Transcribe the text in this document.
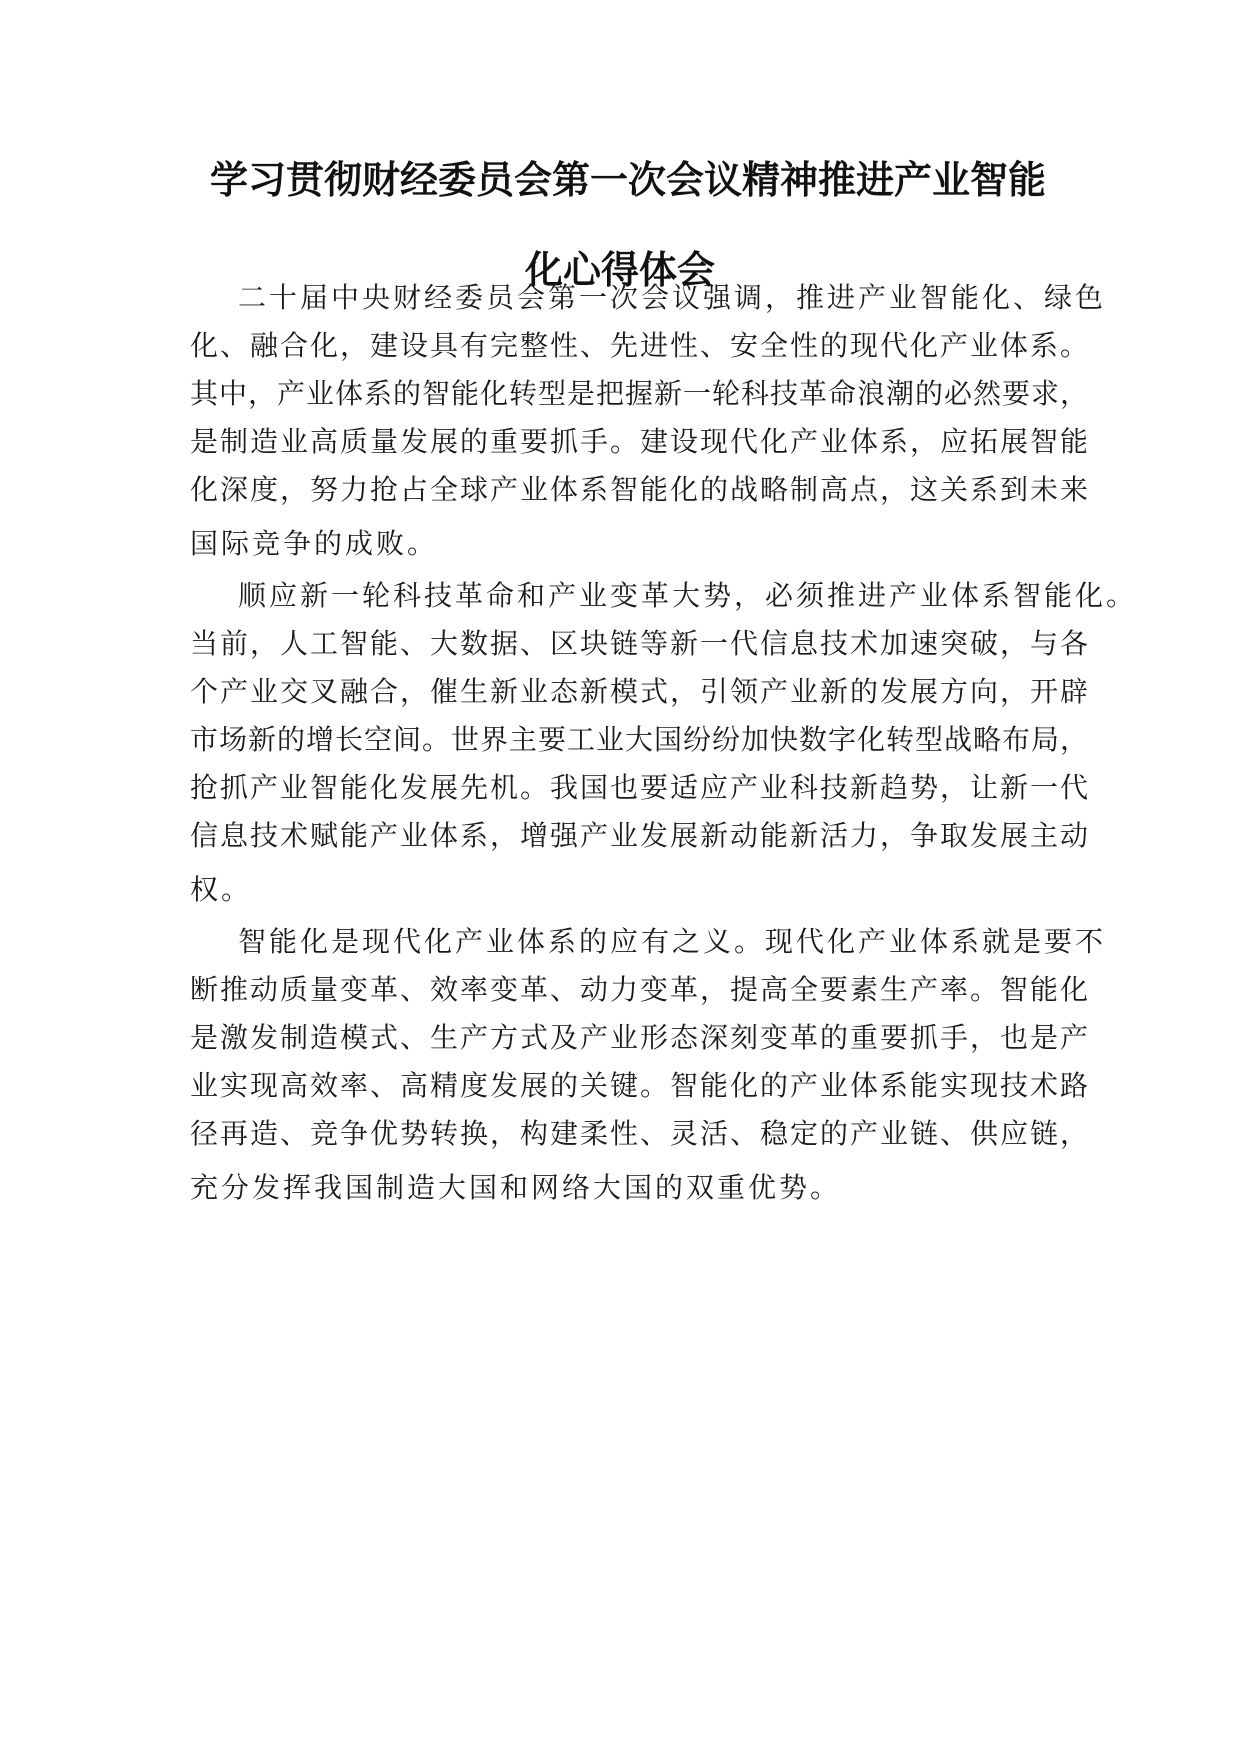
学习贯彻财经委员会第一次会议精神推进产业智能
化心得体会
二十届中央财经委员会第一次会议强调，推进产业智能化、绿色
化、融合化，建设具有完整性、先进性、安全性的现代化产业体系。
其中，产业体系的智能化转型是把握新一轮科技革命浪潮的必然要求，
是制造业高质量发展的重要抓手。建设现代化产业体系，应拓展智能
化深度，努力抢占全球产业体系智能化的战略制高点，这关系到未来
国际竞争的成败。
顺应新一轮科技革命和产业变革大势，必须推进产业体系智能化。
当前，人工智能、大数据、区块链等新一代信息技术加速突破，与各
个产业交叉融合，催生新业态新模式，引领产业新的发展方向，开辟
市场新的增长空间。世界主要工业大国纷纷加快数字化转型战略布局，
抢抓产业智能化发展先机。我国也要适应产业科技新趋势，让新一代
信息技术赋能产业体系，增强产业发展新动能新活力，争取发展主动
权。
智能化是现代化产业体系的应有之义。现代化产业体系就是要不
断推动质量变革、效率变革、动力变革，提高全要素生产率。智能化
是激发制造模式、生产方式及产业形态深刻变革的重要抓手，也是产
业实现高效率、高精度发展的关键。智能化的产业体系能实现技术路
径再造、竞争优势转换，构建柔性、灵活、稳定的产业链、供应链，
充分发挥我国制造大国和网络大国的双重优势。
